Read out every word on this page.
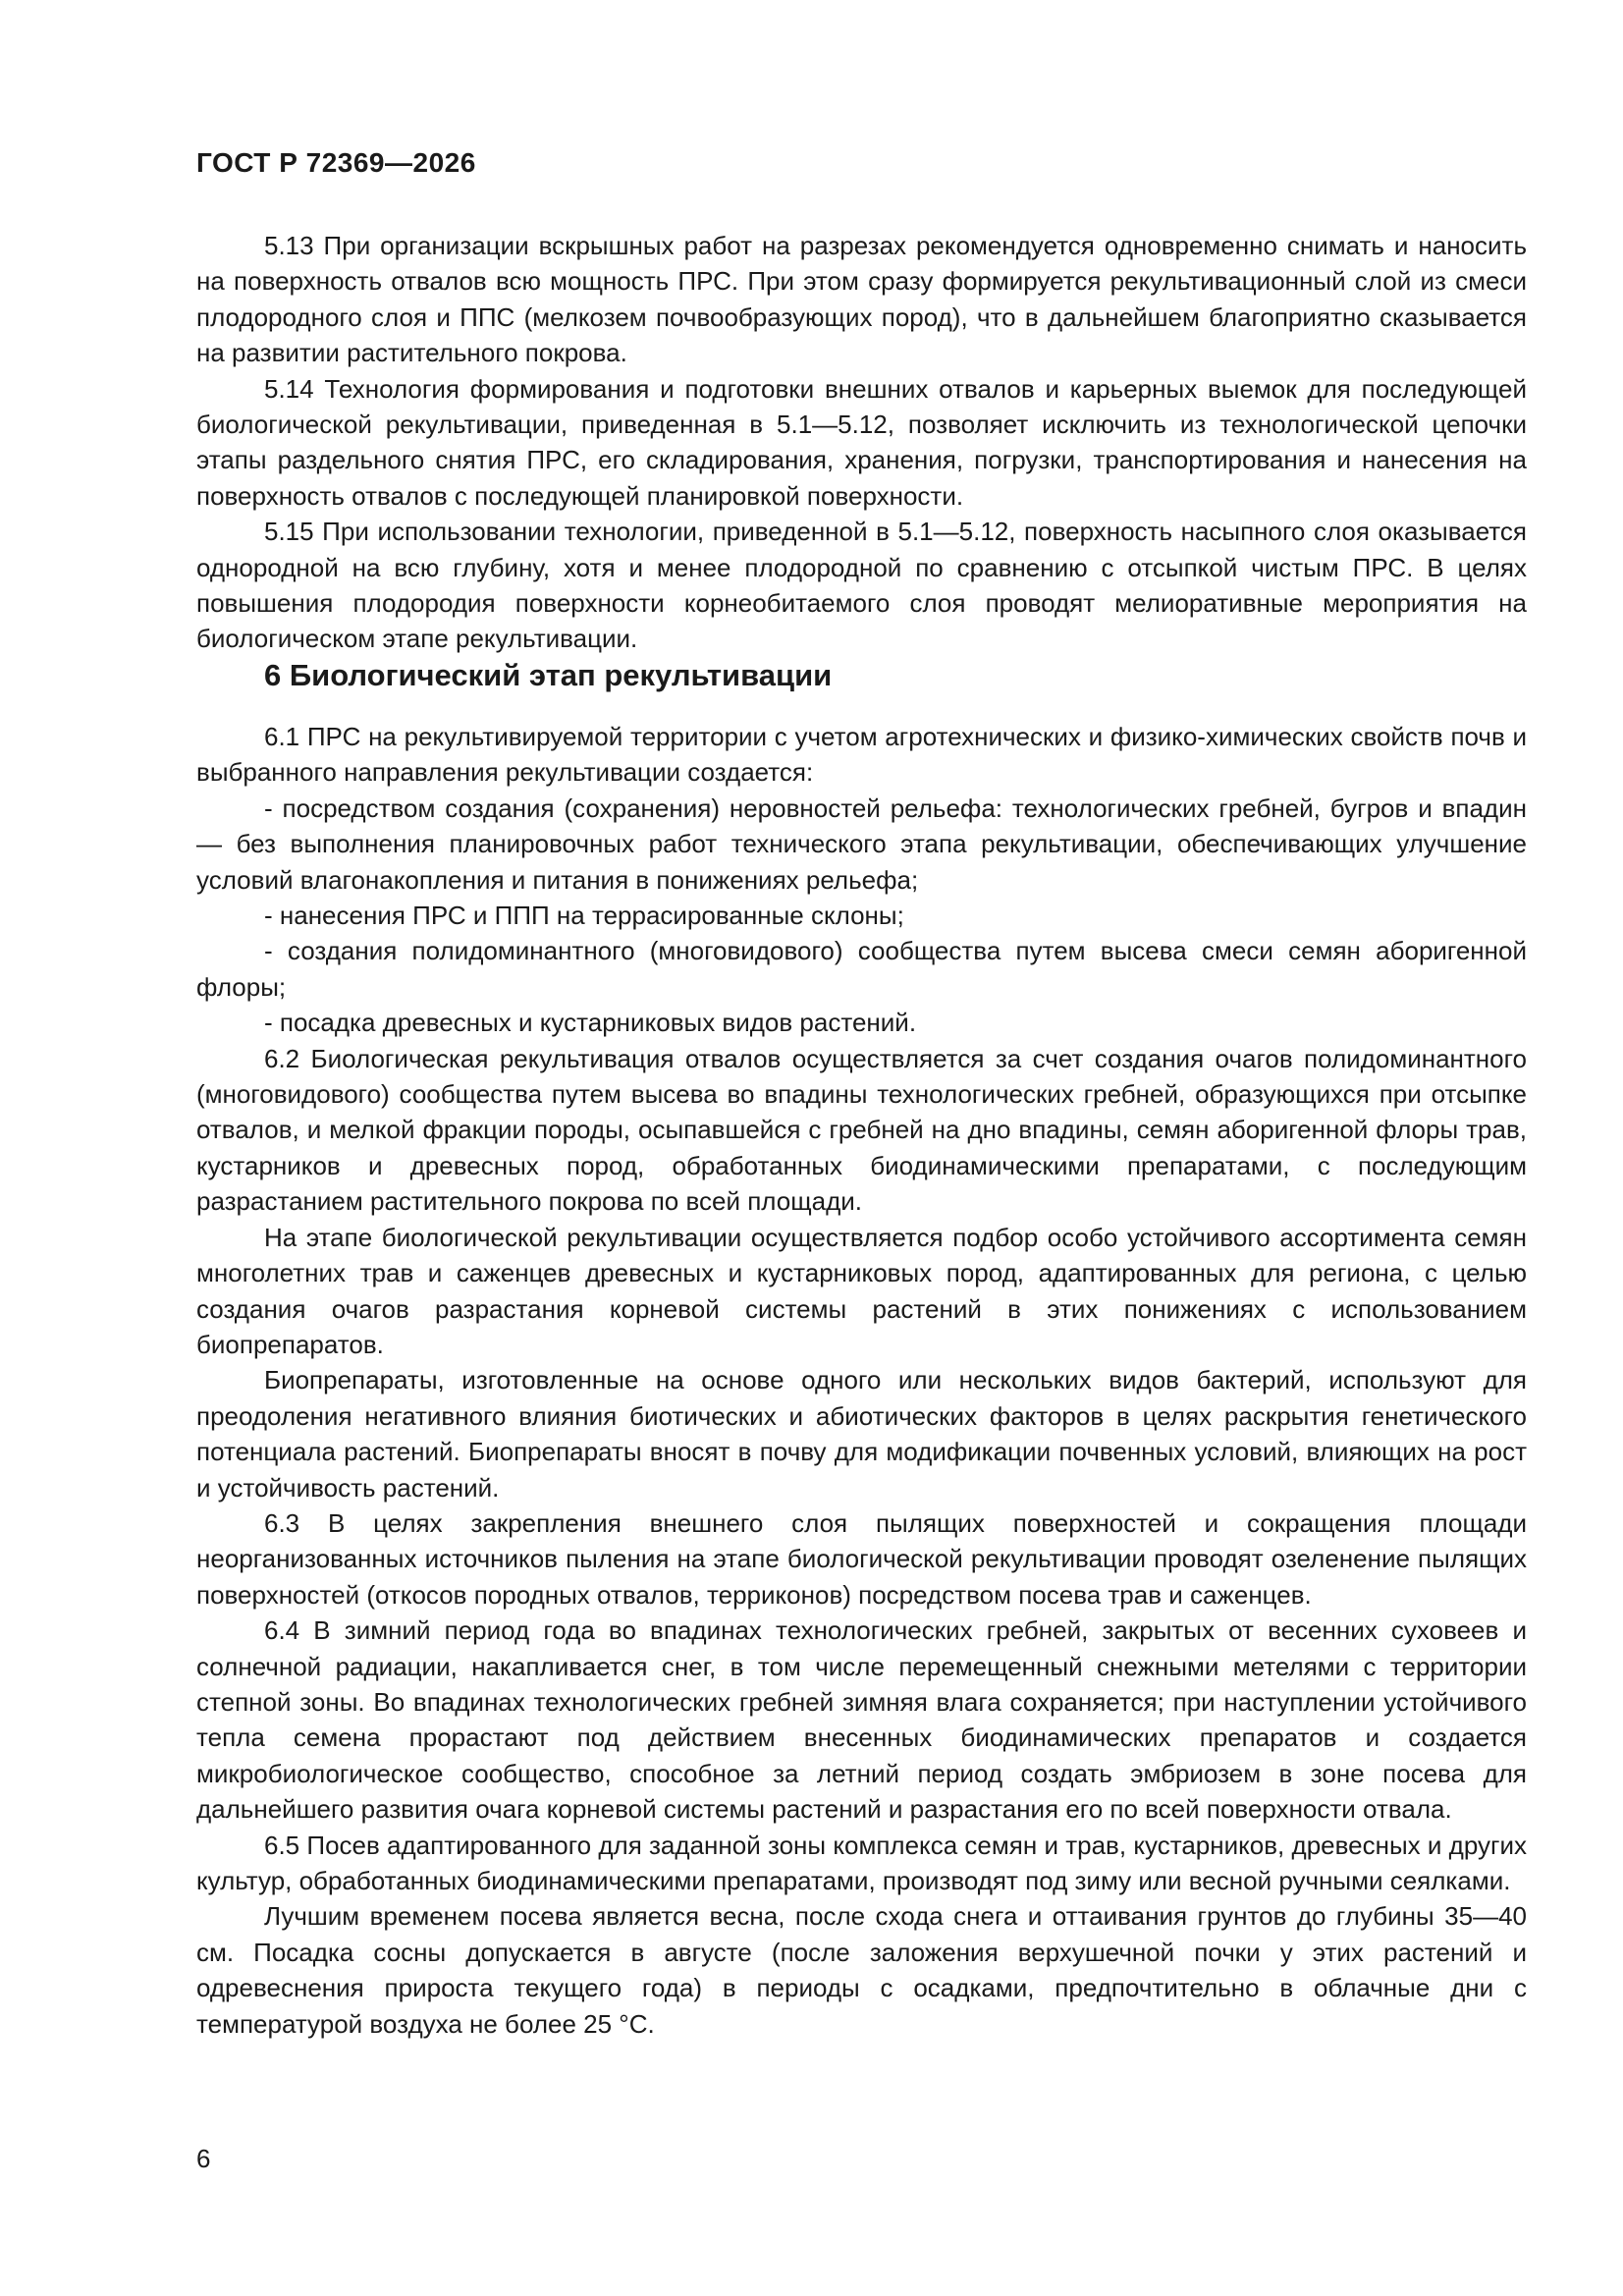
ГОСТ Р 72369—2026

5.13 При организации вскрышных работ на разрезах рекомендуется одновременно снимать и наносить на поверхность отвалов всю мощность ПРС. При этом сразу формируется рекультивационный слой из смеси плодородного слоя и ППС (мелкозем почвообразующих пород), что в дальнейшем благоприятно сказывается на развитии растительного покрова.

5.14 Технология формирования и подготовки внешних отвалов и карьерных выемок для последующей биологической рекультивации, приведенная в 5.1—5.12, позволяет исключить из технологической цепочки этапы раздельного снятия ПРС, его складирования, хранения, погрузки, транспортирования и нанесения на поверхность отвалов с последующей планировкой поверхности.

5.15 При использовании технологии, приведенной в 5.1—5.12, поверхность насыпного слоя оказывается однородной на всю глубину, хотя и менее плодородной по сравнению с отсыпкой чистым ПРС. В целях повышения плодородия поверхности корнеобитаемого слоя проводят мелиоративные мероприятия на биологическом этапе рекультивации.

6 Биологический этап рекультивации

6.1 ПРС на рекультивируемой территории с учетом агротехнических и физико-химических свойств почв и выбранного направления рекультивации создается:

- посредством создания (сохранения) неровностей рельефа: технологических гребней, бугров и впадин — без выполнения планировочных работ технического этапа рекультивации, обеспечивающих улучшение условий влагонакопления и питания в понижениях рельефа;

- нанесения ПРС и ППП на террасированные склоны;

- создания полидоминантного (многовидового) сообщества путем высева смеси семян аборигенной флоры;

- посадка древесных и кустарниковых видов растений.

6.2 Биологическая рекультивация отвалов осуществляется за счет создания очагов полидоминантного (многовидового) сообщества путем высева во впадины технологических гребней, образующихся при отсыпке отвалов, и мелкой фракции породы, осыпавшейся с гребней на дно впадины, семян аборигенной флоры трав, кустарников и древесных пород, обработанных биодинамическими препаратами, с последующим разрастанием растительного покрова по всей площади.

На этапе биологической рекультивации осуществляется подбор особо устойчивого ассортимента семян многолетних трав и саженцев древесных и кустарниковых пород, адаптированных для региона, с целью создания очагов разрастания корневой системы растений в этих понижениях с использованием биопрепаратов.

Биопрепараты, изготовленные на основе одного или нескольких видов бактерий, используют для преодоления негативного влияния биотических и абиотических факторов в целях раскрытия генетического потенциала растений. Биопрепараты вносят в почву для модификации почвенных условий, влияющих на рост и устойчивость растений.

6.3 В целях закрепления внешнего слоя пылящих поверхностей и сокращения площади неорганизованных источников пыления на этапе биологической рекультивации проводят озеленение пылящих поверхностей (откосов породных отвалов, терриконов) посредством посева трав и саженцев.

6.4 В зимний период года во впадинах технологических гребней, закрытых от весенних суховеев и солнечной радиации, накапливается снег, в том числе перемещенный снежными метелями с территории степной зоны. Во впадинах технологических гребней зимняя влага сохраняется; при наступлении устойчивого тепла семена прорастают под действием внесенных биодинамических препаратов и создается микробиологическое сообщество, способное за летний период создать эмбриозем в зоне посева для дальнейшего развития очага корневой системы растений и разрастания его по всей поверхности отвала.

6.5 Посев адаптированного для заданной зоны комплекса семян и трав, кустарников, древесных и других культур, обработанных биодинамическими препаратами, производят под зиму или весной ручными сеялками.

Лучшим временем посева является весна, после схода снега и оттаивания грунтов до глубины 35—40 см. Посадка сосны допускается в августе (после заложения верхушечной почки у этих растений и одревеснения прироста текущего года) в периоды с осадками, предпочтительно в облачные дни с температурой воздуха не более 25 °С.

6
